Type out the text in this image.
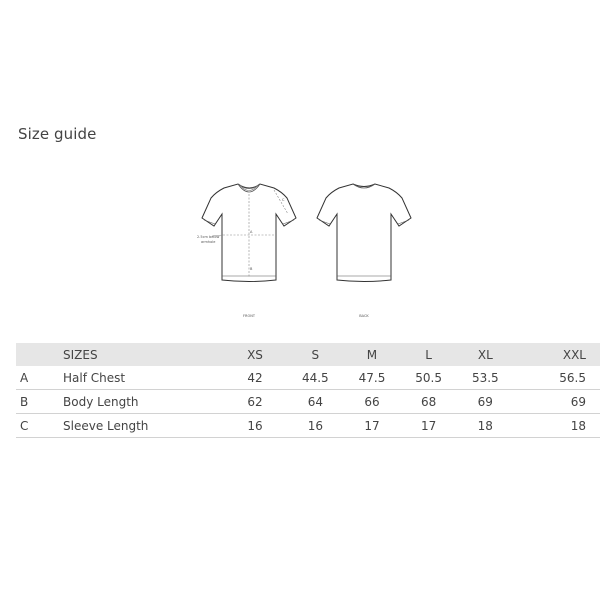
Size guide
A
B
C
2.5cm below
armhole
FRONT	BACK
	SIZES	XS	S	M	L	XL	XXL
A	Half Chest	42	44.5	47.5	50.5	53.5	56.5
B	Body Length	62	64	66	68	69	69
C	Sleeve Length	16	16	17	17	18	18
